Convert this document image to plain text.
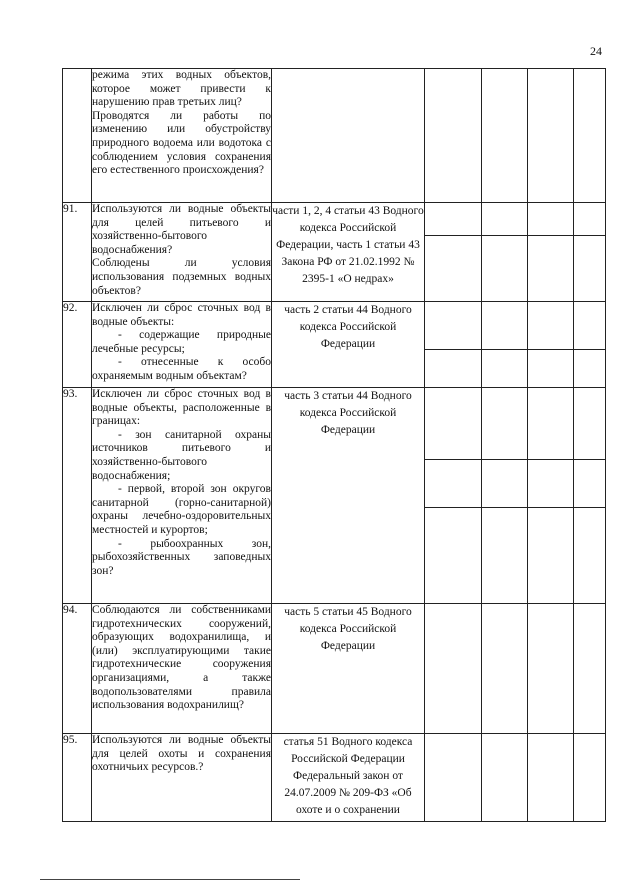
24

	режима этих водных объектов, которое может привести к нарушению прав третьих лиц?

Проводятся ли работы по изменению или обустройству природного водоема или водотока с соблюдением условия сохранения его естественного происхождения?					

91.	Используются ли водные объекты для целей питьевого и хозяйственно-бытового водоснабжения?

Соблюдены ли условия использования подземных водных объектов?	части 1, 2, 4 статьи 43 Водного кодекса Российской Федерации, часть 1 статьи 43 Закона РФ от 21.02.1992 № 2395-1 «О недрах»				

92.	Исключен ли сброс сточных вод в водные объекты:

- содержащие природные лечебные ресурсы;

- отнесенные к особо охраняемым водным объектам?	часть 2 статьи 44 Водного кодекса Российской Федерации				

93.	Исключен ли сброс сточных вод в водные объекты, расположенные в границах:

- зон санитарной охраны источников питьевого и хозяйственно-бытового водоснабжения;

- первой, второй зон округов санитарной (горно-санитарной) охраны лечебно-оздоровительных местностей и курортов;

- рыбоохранных зон, рыбохозяйственных заповедных зон?	часть 3 статьи 44 Водного кодекса Российской Федерации				

94.	Соблюдаются ли собственниками гидротехнических сооружений, образующих водохранилища, и (или) эксплуатирующими такие гидротехнические сооружения организациями, а также водопользователями правила использования водохранилищ?	часть 5 статьи 45 Водного кодекса Российской Федерации				

95.	Используются ли водные объекты для целей охоты и сохранения охотничьих ресурсов.?	статья 51 Водного кодекса Российской Федерации Федеральный закон от 24.07.2009 № 209-ФЗ «Об охоте и о сохранении				
